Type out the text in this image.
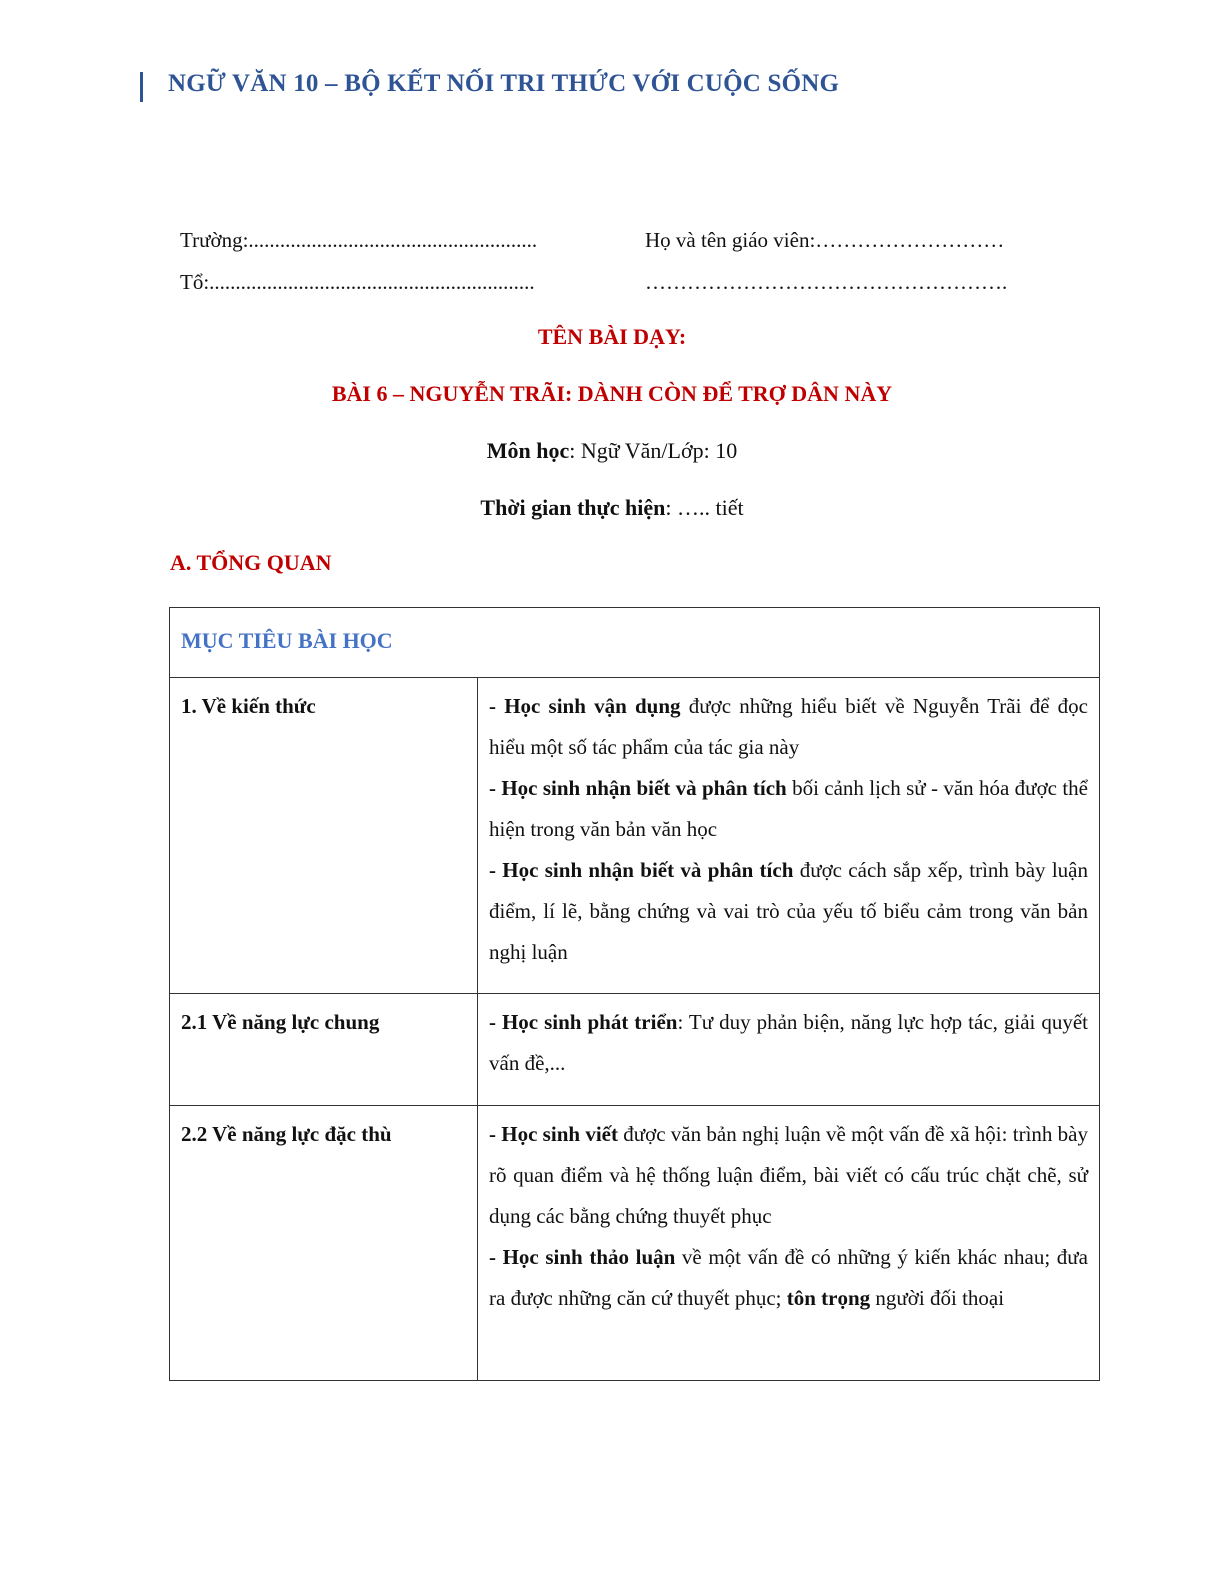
NGỮ VĂN 10 – BỘ KẾT NỐI TRI THỨC VỚI CUỘC SỐNG
Trường:.......................................................	Họ và tên giáo viên:………………………
Tổ:..............................................................	…………………………………………….
TÊN BÀI DẠY:
BÀI 6 – NGUYỄN TRÃI: DÀNH CÒN ĐỂ TRỢ DÂN NÀY
Môn học: Ngữ Văn/Lớp: 10
Thời gian thực hiện: ….. tiết
A. TỔNG QUAN
MỤC TIÊU BÀI HỌC	
1. Về kiến thức	- Học sinh vận dụng được những hiểu biết về Nguyễn Trãi để đọc hiểu một số tác phẩm của tác gia này
- Học sinh nhận biết và phân tích bối cảnh lịch sử - văn hóa được thể hiện trong văn bản văn học
- Học sinh nhận biết và phân tích được cách sắp xếp, trình bày luận điểm, lí lẽ, bằng chứng và vai trò của yếu tố biểu cảm trong văn bản nghị luận

2.1 Về năng lực chung	- Học sinh phát triển: Tư duy phản biện, năng lực hợp tác, giải quyết vấn đề,...

2.2 Về năng lực đặc thù	- Học sinh viết được văn bản nghị luận về một vấn đề xã hội: trình bày rõ quan điểm và hệ thống luận điểm, bài viết có cấu trúc chặt chẽ, sử dụng các bằng chứng thuyết phục
- Học sinh thảo luận về một vấn đề có những ý kiến khác nhau; đưa ra được những căn cứ thuyết phục; tôn trọng người đối thoại
